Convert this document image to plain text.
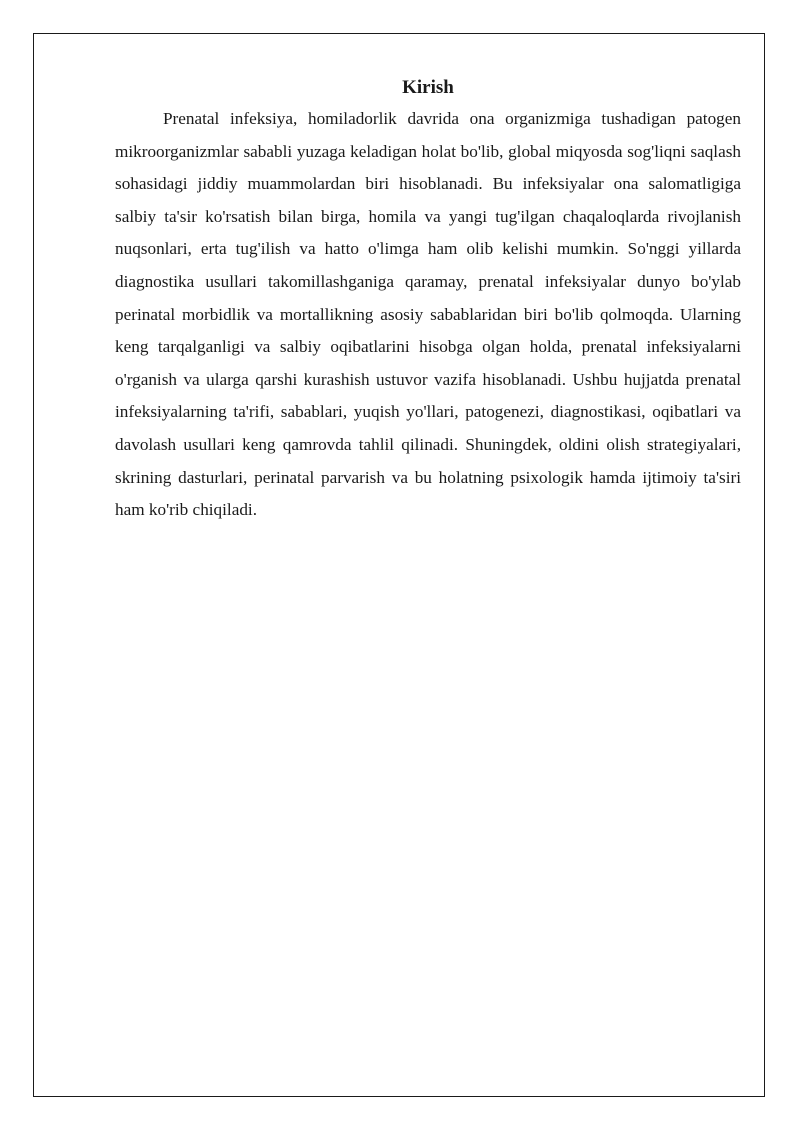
Kirish

Prenatal infeksiya, homiladorlik davrida ona organizmiga tushadigan patogen mikroorganizmlar sababli yuzaga keladigan holat bo'lib, global miqyosda sog'liqni saqlash sohasidagi jiddiy muammolardan biri hisoblanadi. Bu infeksiyalar ona salomatligiga salbiy ta'sir ko'rsatish bilan birga, homila va yangi tug'ilgan chaqaloqlarda rivojlanish nuqsonlari, erta tug'ilish va hatto o'limga ham olib kelishi mumkin. So'nggi yillarda diagnostika usullari takomillashganiga qaramay, prenatal infeksiyalar dunyo bo'ylab perinatal morbidlik va mortallikning asosiy sabablaridan biri bo'lib qolmoqda. Ularning keng tarqalganligi va salbiy oqibatlarini hisobga olgan holda, prenatal infeksiyalarni o'rganish va ularga qarshi kurashish ustuvor vazifa hisoblanadi. Ushbu hujjatda prenatal infeksiyalarning ta'rifi, sabablari, yuqish yo'llari, patogenezi, diagnostikasi, oqibatlari va davolash usullari keng qamrovda tahlil qilinadi. Shuningdek, oldini olish strategiyalari, skrining dasturlari, perinatal parvarish va bu holatning psixologik hamda ijtimoiy ta'siri ham ko'rib chiqiladi.
